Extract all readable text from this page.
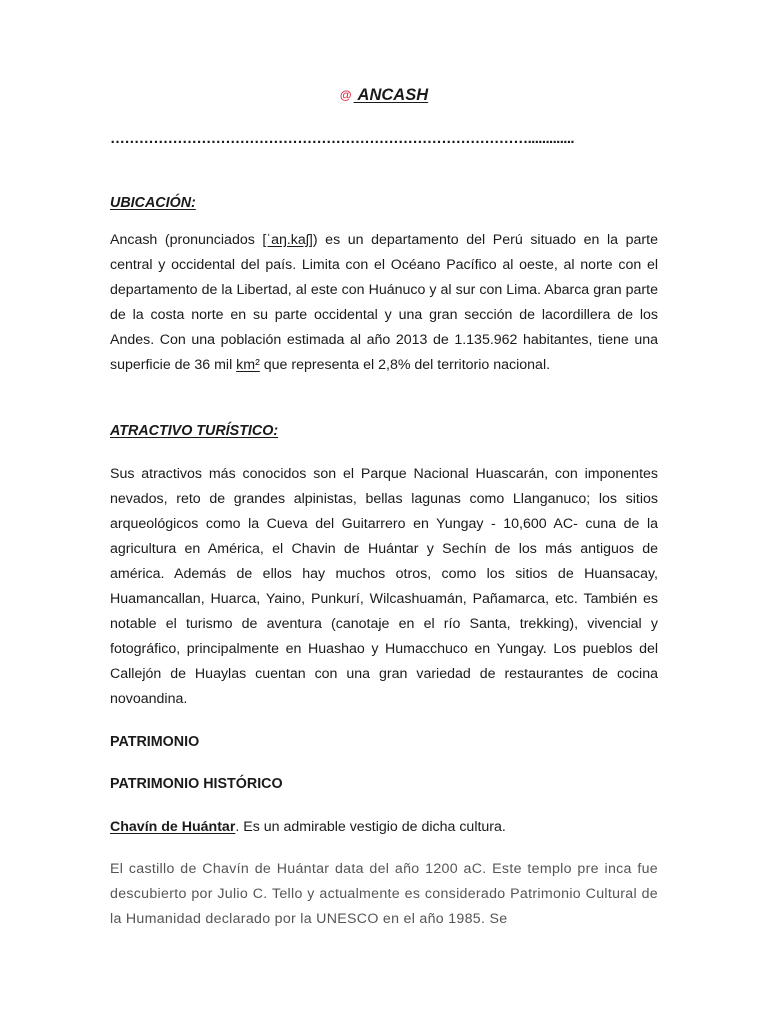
@ ANCASH
…………………………………………………………………………….............
UBICACIÓN:

Ancash (pronunciados [ˈaŋ.kaʃ]) es un departamento del Perú situado en la parte central y occidental del país. Limita con el Océano Pacífico al oeste, al norte con el departamento de la Libertad, al este con Huánuco y al sur con Lima. Abarca gran parte de la costa norte en su parte occidental y una gran sección de lacordillera de los Andes. Con una población estimada al año 2013 de 1.135.962 habitantes, tiene una superficie de 36 mil km² que representa el 2,8% del territorio nacional.

ATRACTIVO TURÍSTICO:

Sus atractivos más conocidos son el Parque Nacional Huascarán, con imponentes nevados, reto de grandes alpinistas, bellas lagunas como Llanganuco; los sitios arqueológicos como la Cueva del Guitarrero en Yungay - 10,600 AC- cuna de la agricultura en América, el Chavin de Huántar y Sechín de los más antiguos de américa. Además de ellos hay muchos otros, como los sitios de Huansacay, Huamancallan, Huarca, Yaino, Punkurí, Wilcashuamán, Pañamarca, etc. También es notable el turismo de aventura (canotaje en el río Santa, trekking), vivencial y fotográfico, principalmente en Huashao y Humacchuco en Yungay. Los pueblos del Callejón de Huaylas cuentan con una gran variedad de restaurantes de cocina novoandina.

PATRIMONIO
PATRIMONIO HISTÓRICO

Chavín de Huántar. Es un admirable vestigio de dicha cultura.

El castillo de Chavín de Huántar data del año 1200 aC. Este templo pre inca fue descubierto por Julio C. Tello y actualmente es considerado Patrimonio Cultural de la Humanidad declarado por la UNESCO en el año 1985. Se
